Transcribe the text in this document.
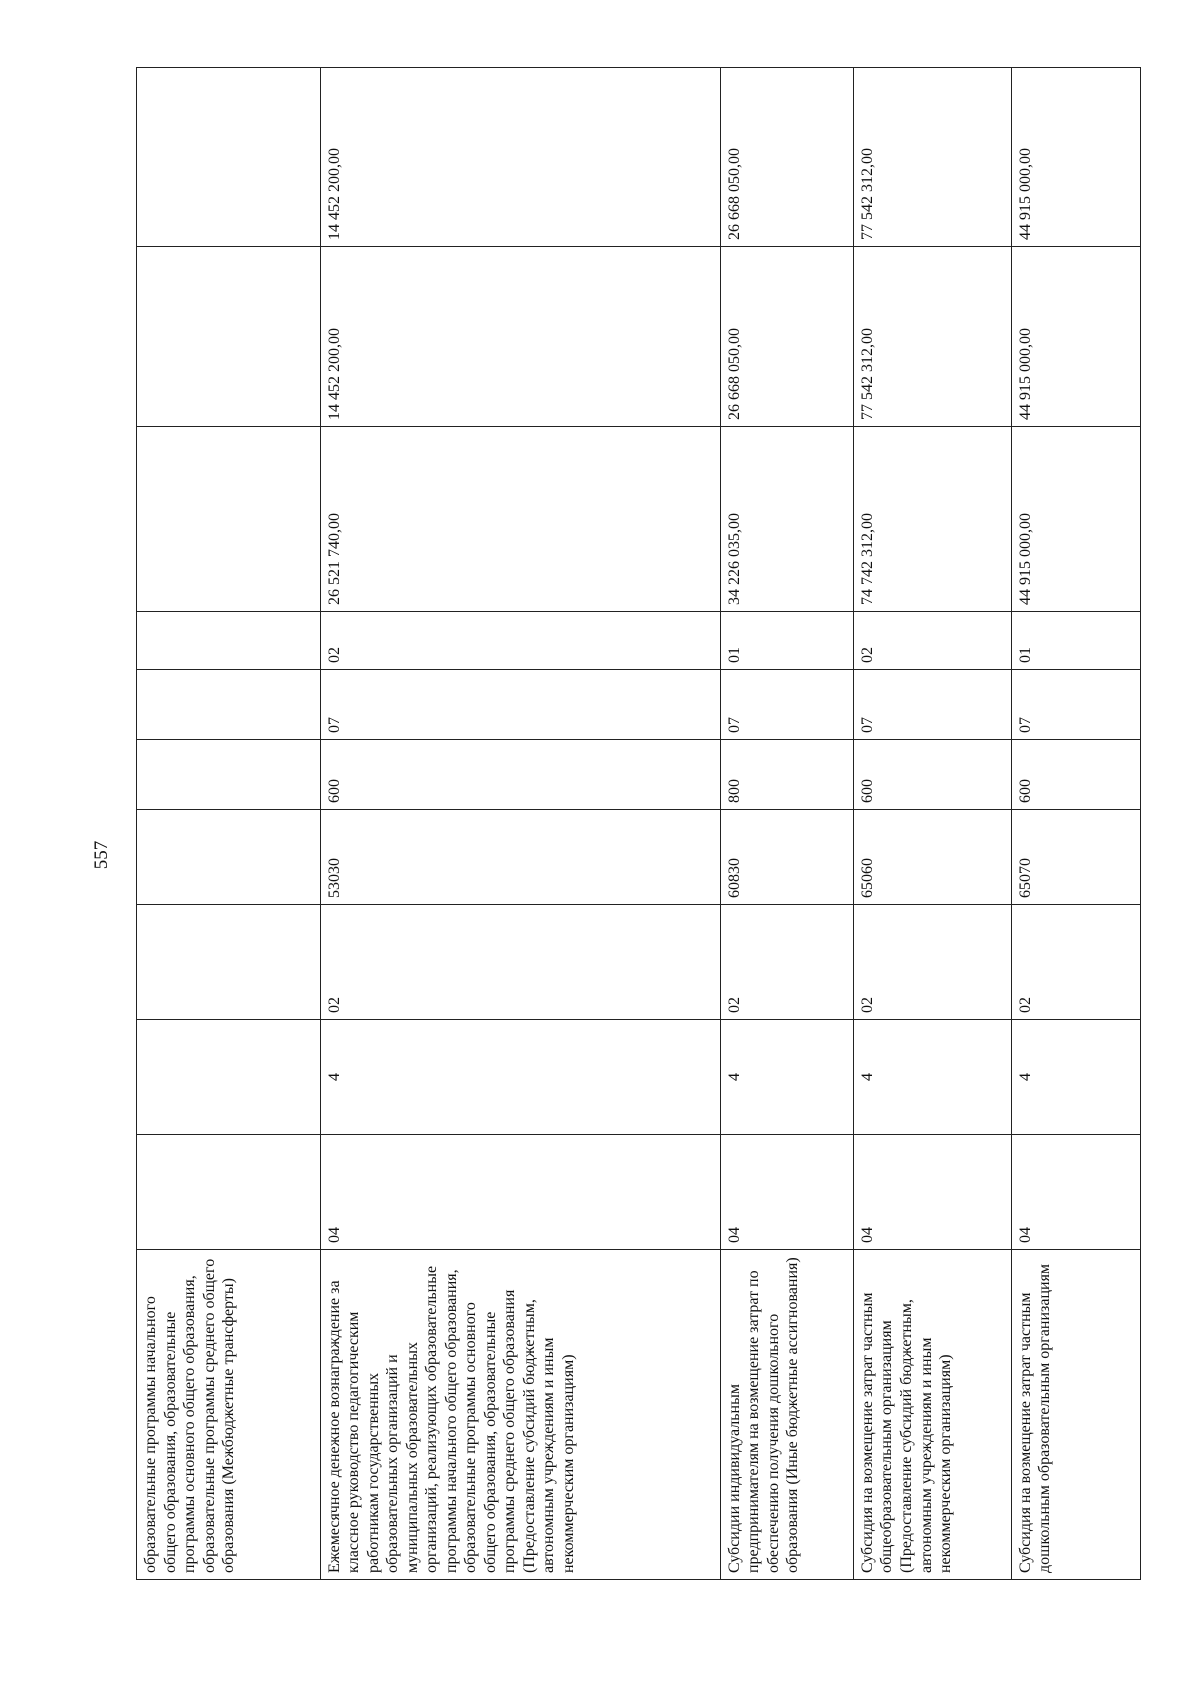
557
образовательные программы начального общего образования, образовательные программы основного общего образования, образовательные программы среднего общего образования (Межбюджетные трансферты)										
Ежемесячное денежное вознаграждение за классное руководство педагогическим работникам государственных образовательных организаций и муниципальных образовательных организаций, реализующих образовательные программы начального общего образования, образовательные программы основного общего образования, образовательные программы среднего общего образования (Предоставление субсидий бюджетным, автономным учреждениям и иным некоммерческим организациям)	04	4	02	53030	600	07	02	26 521 740,00	14 452 200,00	14 452 200,00
Субсидии индивидуальным предпринимателям на возмещение затрат по обеспечению получения дошкольного образования (Иные бюджетные ассигнования)	04	4	02	60830	800	07	01	34 226 035,00	26 668 050,00	26 668 050,00
Субсидия на возмещение затрат частным общеобразовательным организациям (Предоставление субсидий бюджетным, автономным учреждениям и иным некоммерческим организациям)	04	4	02	65060	600	07	02	74 742 312,00	77 542 312,00	77 542 312,00
Субсидия на возмещение затрат частным дошкольным образовательным организациям	04	4	02	65070	600	07	01	44 915 000,00	44 915 000,00	44 915 000,00
